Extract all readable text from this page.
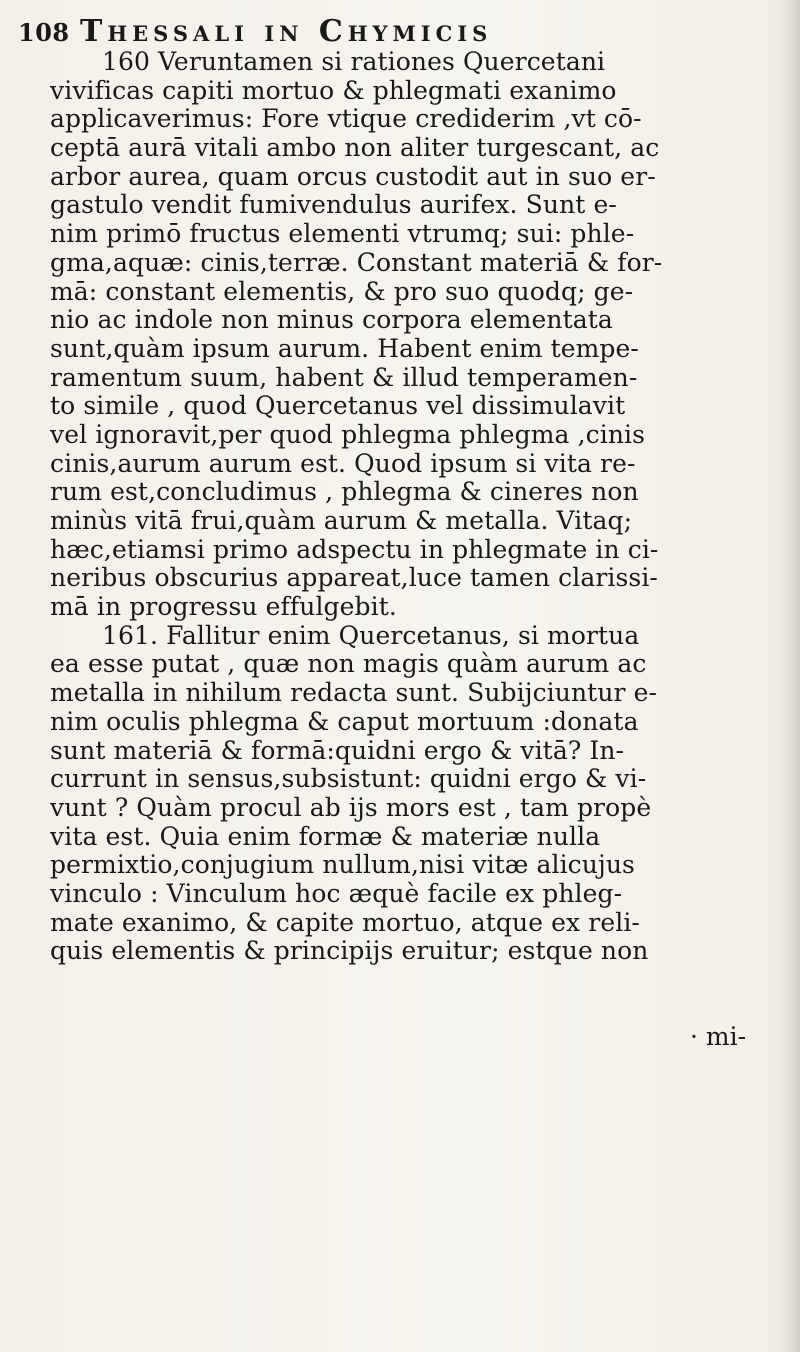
108 Thessali in Chymicis
160 Veruntamen si rationes Quercetani
vivificas capiti mortuo & phlegmati exanimo
applicaverimus: Fore vtique crediderim ,vt cō-
ceptā aurā vitali ambo non aliter turgescant, ac
arbor aurea, quam orcus custodit aut in suo er-
gastulo vendit fumivendulus aurifex. Sunt e-
nim primō fructus elementi vtrumq; sui: phle-
gma,aquæ: cinis,terræ. Constant materiā & for-
mā: constant elementis, & pro suo quodq; ge-
nio ac indole non minus corpora elementata
sunt,quàm ipsum aurum. Habent enim tempe-
ramentum suum, habent & illud temperamen-
to simile , quod Quercetanus vel dissimulavit
vel ignoravit,per quod phlegma phlegma ,cinis
cinis,aurum aurum est. Quod ipsum si vita re-
rum est,concludimus , phlegma & cineres non
minùs vitā frui,quàm aurum & metalla. Vitaq;
hæc,etiamsi primo adspectu in phlegmate in ci-
neribus obscurius appareat,luce tamen clarissi-
mā in progressu effulgebit.
161. Fallitur enim Quercetanus, si mortua
ea esse putat , quæ non magis quàm aurum ac
metalla in nihilum redacta sunt. Subijciuntur e-
nim oculis phlegma & caput mortuum :donata
sunt materiā & formā:quidni ergo & vitā? In-
currunt in sensus,subsistunt: quidni ergo & vi-
vunt ? Quàm procul ab ijs mors est , tam propè
vita est. Quia enim formæ & materiæ nulla
permixtio,conjugium nullum,nisi vitæ alicujus
vinculo : Vinculum hoc æquè facile ex phleg-
mate exanimo, & capite mortuo, atque ex reli-
quis elementis & principijs eruitur; estque non
· mi-
